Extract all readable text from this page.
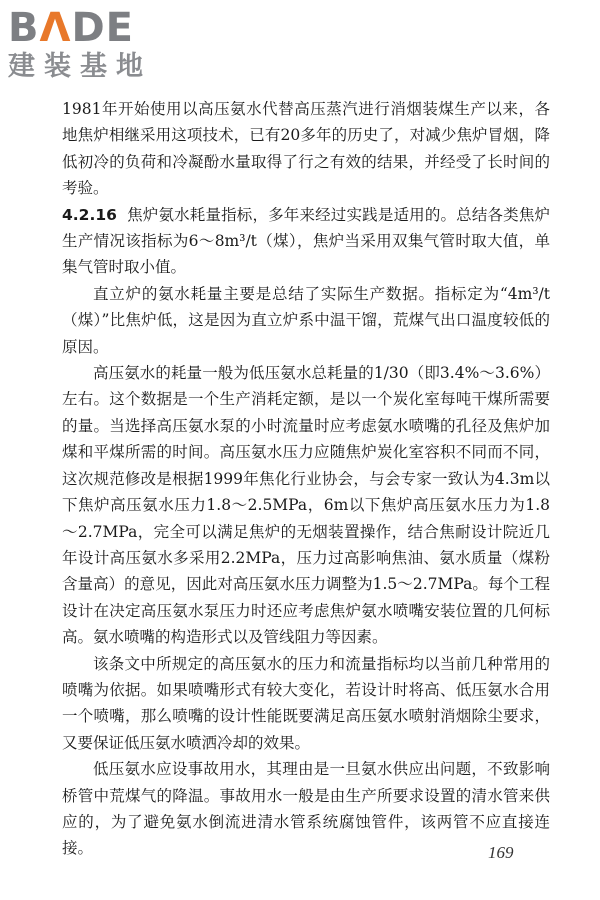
BΛDE
建装基地

1981年开始使用以高压氨水代替高压蒸汽进行消烟装煤生产以来，各地焦炉相继采用这项技术，已有20多年的历史了，对减少焦炉冒烟，降低初冷的负荷和冷凝酚水量取得了行之有效的结果，并经受了长时间的考验。

4.2.16 焦炉氨水耗量指标，多年来经过实践是适用的。总结各类焦炉生产情况该指标为6～8m³/t（煤），焦炉当采用双集气管时取大值，单集气管时取小值。

直立炉的氨水耗量主要是总结了实际生产数据。指标定为“4m³/t（煤）”比焦炉低，这是因为直立炉系中温干馏，荒煤气出口温度较低的原因。

高压氨水的耗量一般为低压氨水总耗量的1/30（即3.4%～3.6%）左右。这个数据是一个生产消耗定额，是以一个炭化室每吨干煤所需要的量。当选择高压氨水泵的小时流量时应考虑氨水喷嘴的孔径及焦炉加煤和平煤所需的时间。高压氨水压力应随焦炉炭化室容积不同而不同，这次规范修改是根据1999年焦化行业协会，与会专家一致认为4.3m以下焦炉高压氨水压力1.8～2.5MPa，6m以下焦炉高压氨水压力为1.8～2.7MPa，完全可以满足焦炉的无烟装置操作，结合焦耐设计院近几年设计高压氨水多采用2.2MPa，压力过高影响焦油、氨水质量（煤粉含量高）的意见，因此对高压氨水压力调整为1.5～2.7MPa。每个工程设计在决定高压氨水泵压力时还应考虑焦炉氨水喷嘴安装位置的几何标高。氨水喷嘴的构造形式以及管线阻力等因素。

该条文中所规定的高压氨水的压力和流量指标均以当前几种常用的喷嘴为依据。如果喷嘴形式有较大变化，若设计时将高、低压氨水合用一个喷嘴，那么喷嘴的设计性能既要满足高压氨水喷射消烟除尘要求，又要保证低压氨水喷洒冷却的效果。

低压氨水应设事故用水，其理由是一旦氨水供应出问题，不致影响桥管中荒煤气的降温。事故用水一般是由生产所要求设置的清水管来供应的，为了避免氨水倒流进清水管系统腐蚀管件，该两管不应直接连接。	169
